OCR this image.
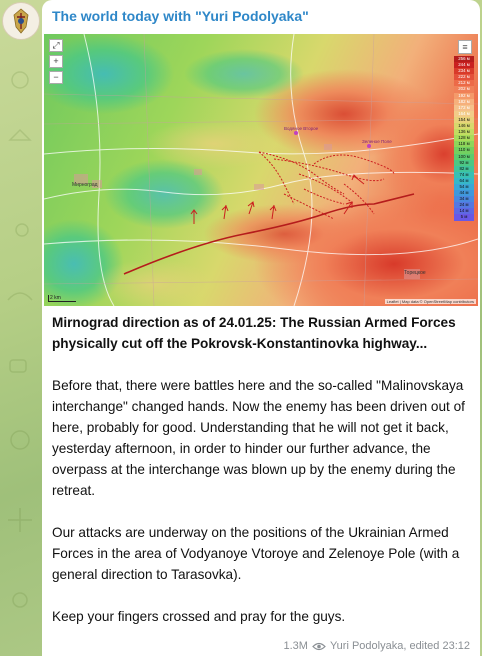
The world today with "Yuri Podolyaka"
Водяное Второе
Зеленое Поле
Мирноград
Торецкое
⤢
+
−
≡
256 м
244 м
234 м
222 м
212 м
202 м
192 м
182 м
172 м
164 м
154 м
146 м
136 м
128 м
118 м
110 м
100 м
92 м
82 м
74 м
64 м
54 м
44 м
34 м
24 м
14 м
5 м
2 km
Leaflet | Map data © OpenStreetMap contributors

Mirnograd direction as of 24.01.25: The Russian Armed Forces physically cut off the Pokrovsk-Konstantinovka highway...

Before that, there were battles here and the so-called "Malinovskaya interchange" changed hands. Now the enemy has been driven out of here, probably for good. Understanding that he will not get it back, yesterday afternoon, in order to hinder our further advance, the overpass at the interchange was blown up by the enemy during the retreat.

Our attacks are underway on the positions of the Ukrainian Armed Forces in the area of Vodyanoye Vtoroye and Zelenoye Pole (with a general direction to Tarasovka).

Keep your fingers crossed and pray for the guys.

1.3M Yuri Podolyaka, edited 23:12
